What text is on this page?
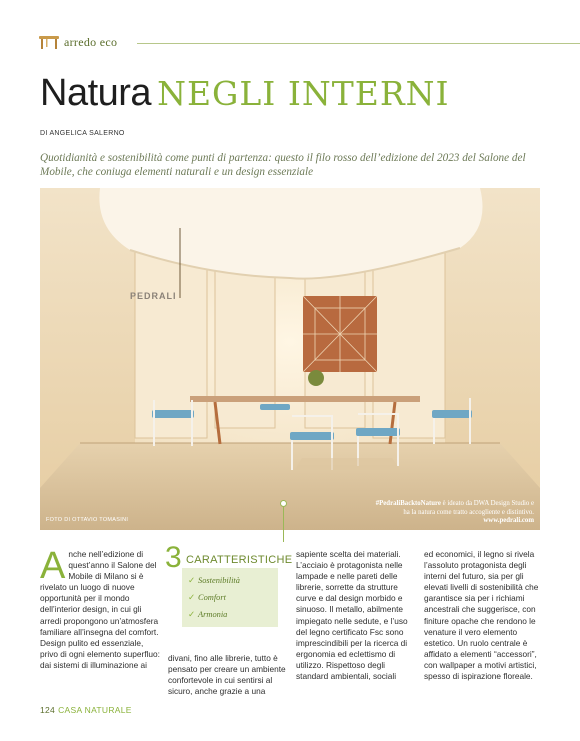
arredo eco
Natura NEGLI INTERNI
DI ANGELICA SALERNO
Quotidianità e sostenibilità come punti di partenza: questo il filo rosso dell’edizione del 2023 del Salone del Mobile, che coniuga elementi naturali e un design essenziale
PEDRALI
FOTO DI OTTAVIO TOMASINI
#PedraliBacktoNature è ideato da DWA Design Studio e ha la natura come tratto accogliente e distintivo.
www.pedrali.com
Anche nell’edizione di quest’anno il Salone del Mobile di Milano si è rivelato un luogo di nuove opportunità per il mondo dell’interior design, in cui gli arredi propongono un’atmosfera familiare all’insegna del comfort. Design pulito ed essenziale, privo di ogni elemento superfluo: dai sistemi di illuminazione ai
3 CARATTERISTICHE
✓ Sostenibilità
✓ Comfort
✓ Armonia
divani, fino alle librerie, tutto è pensato per creare un ambiente confortevole in cui sentirsi al sicuro, anche grazie a una
sapiente scelta dei materiali. L’acciaio è protagonista nelle lampade e nelle pareti delle librerie, sorrette da strutture curve e dal design morbido e sinuoso. Il metallo, abilmente impiegato nelle sedute, e l’uso del legno certificato Fsc sono imprescindibili per la ricerca di ergonomia ed eclettismo di utilizzo. Rispettoso degli standard ambientali, sociali
ed economici, il legno si rivela l’assoluto protagonista degli interni del futuro, sia per gli elevati livelli di sostenibilità che garantisce sia per i richiami ancestrali che suggerisce, con finiture opache che rendono le venature il vero elemento estetico. Un ruolo centrale è affidato a elementi “accessori”, con wallpaper a motivi artistici, spesso di ispirazione floreale.
124 CASA NATURALE
